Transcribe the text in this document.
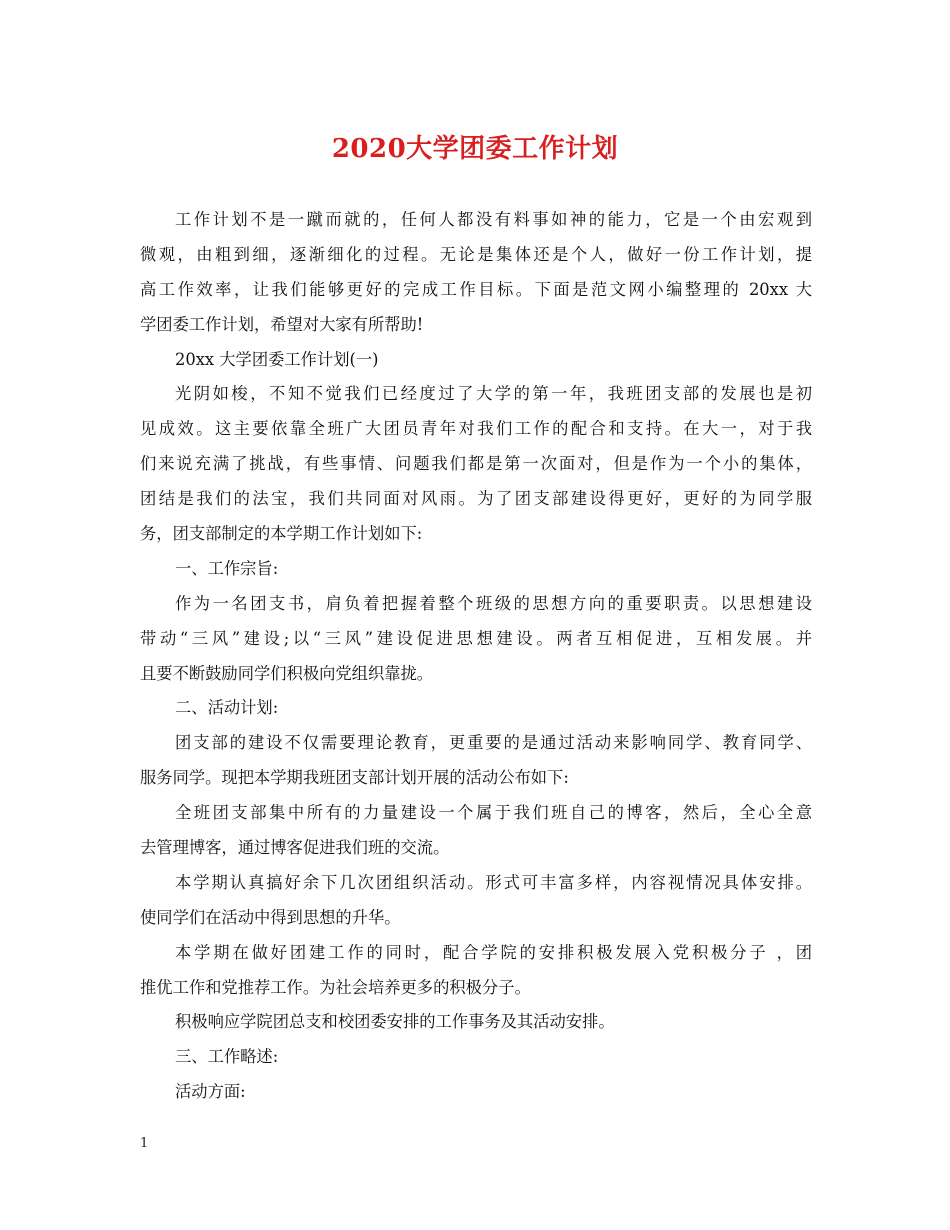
2020大学团委工作计划
工作计划不是一蹴而就的，任何人都没有料事如神的能力，它是一个由宏观到
微观，由粗到细，逐渐细化的过程。无论是集体还是个人，做好一份工作计划，提
高工作效率，让我们能够更好的完成工作目标。下面是范文网小编整理的 20xx 大
学团委工作计划，希望对大家有所帮助!
20xx 大学团委工作计划(一)
光阴如梭，不知不觉我们已经度过了大学的第一年，我班团支部的发展也是初
见成效。这主要依靠全班广大团员青年对我们工作的配合和支持。在大一，对于我
们来说充满了挑战，有些事情、问题我们都是第一次面对，但是作为一个小的集体，
团结是我们的法宝，我们共同面对风雨。为了团支部建设得更好，更好的为同学服
务，团支部制定的本学期工作计划如下:
一、工作宗旨:
作为一名团支书，肩负着把握着整个班级的思想方向的重要职责。以思想建设
带动“三风”建设;以“三风”建设促进思想建设。两者互相促进，互相发展。并
且要不断鼓励同学们积极向党组织靠拢。
二、活动计划:
团支部的建设不仅需要理论教育，更重要的是通过活动来影响同学、教育同学、
服务同学。现把本学期我班团支部计划开展的活动公布如下:
全班团支部集中所有的力量建设一个属于我们班自己的博客，然后，全心全意
去管理博客，通过博客促进我们班的交流。
本学期认真搞好余下几次团组织活动。形式可丰富多样，内容视情况具体安排。
使同学们在活动中得到思想的升华。
本学期在做好团建工作的同时，配合学院的安排积极发展入党积极分子 ，团
推优工作和党推荐工作。为社会培养更多的积极分子。
积极响应学院团总支和校团委安排的工作事务及其活动安排。
三、工作略述:
活动方面:
1
